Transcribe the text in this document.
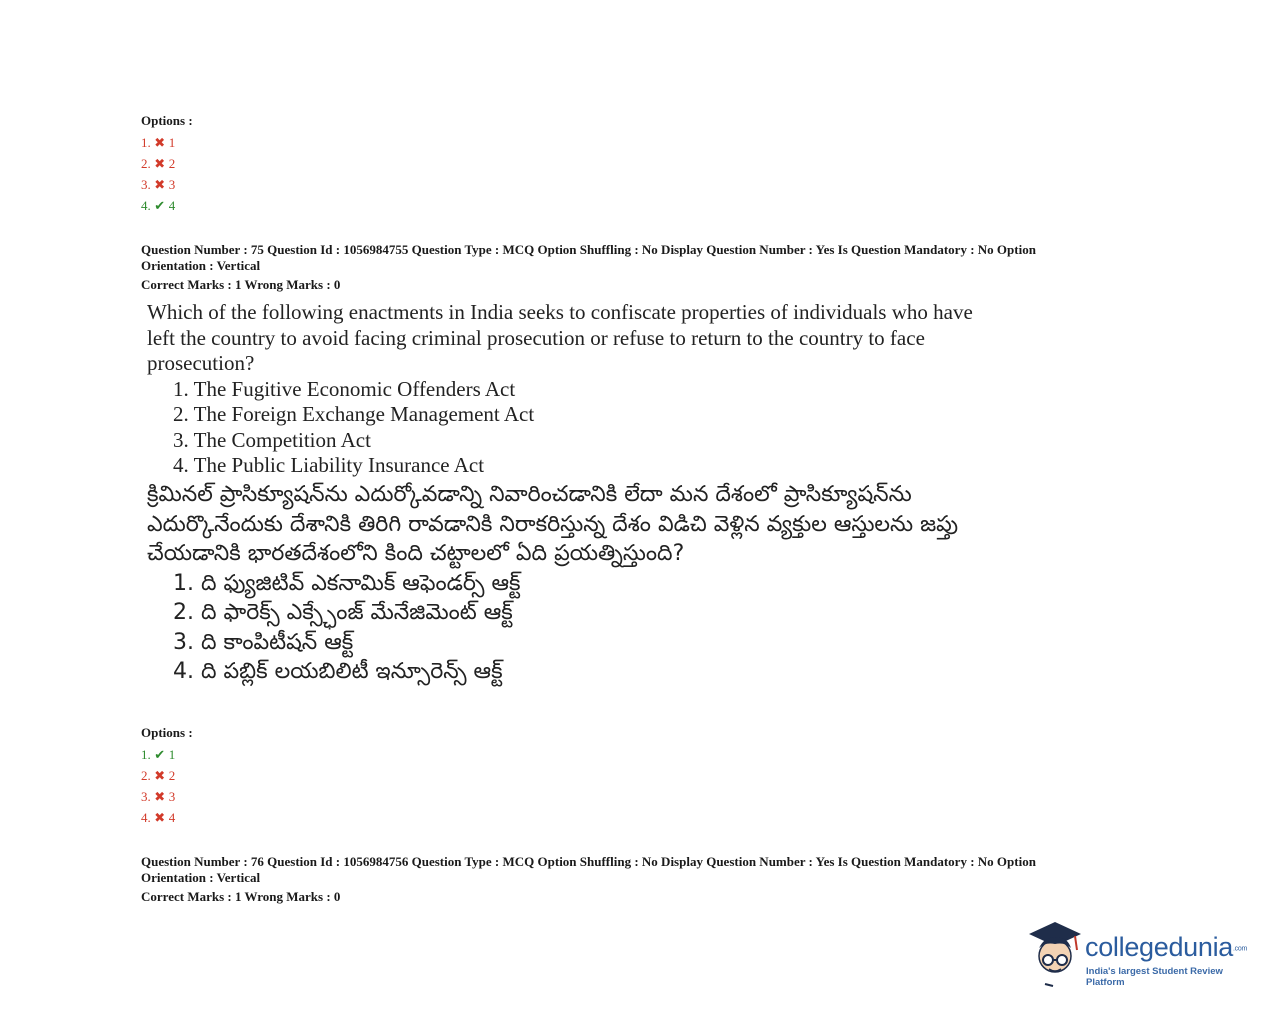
Options :
1. ✖ 1
2. ✖ 2
3. ✖ 3
4. ✔ 4
Question Number : 75 Question Id : 1056984755 Question Type : MCQ Option Shuffling : No Display Question Number : Yes Is Question Mandatory : No Option
Orientation : Vertical
Correct Marks : 1 Wrong Marks : 0
Which of the following enactments in India seeks to confiscate properties of individuals who have left the country to avoid facing criminal prosecution or refuse to return to the country to face prosecution?
1. The Fugitive Economic Offenders Act
2. The Foreign Exchange Management Act
3. The Competition Act
4. The Public Liability Insurance Act
క్రిమినల్ ప్రాసిక్యూషన్‌ను ఎదుర్కోవడాన్ని నివారించడానికి లేదా మన దేశంలో ప్రాసిక్యూషన్‌ను ఎదుర్కొనేందుకు దేశానికి తిరిగి రావడానికి నిరాకరిస్తున్న దేశం విడిచి వెళ్లిన వ్యక్తుల ఆస్తులను జప్తు చేయడానికి భారతదేశంలోని కింది చట్టాలలో ఏది ప్రయత్నిస్తుంది?
1. ది ఫ్యుజిటివ్ ఎకనామిక్ ఆఫెండర్స్ ఆక్ట్
2. ది ఫారెక్స్ ఎక్స్ఛేంజ్ మేనేజిమెంట్ ఆక్ట్
3. ది కాంపిటీషన్ ఆక్ట్
4. ది పబ్లిక్ లయబిలిటీ ఇన్సూరెన్స్ ఆక్ట్
Options :
1. ✔ 1
2. ✖ 2
3. ✖ 3
4. ✖ 4
Question Number : 76 Question Id : 1056984756 Question Type : MCQ Option Shuffling : No Display Question Number : Yes Is Question Mandatory : No Option
Orientation : Vertical
Correct Marks : 1 Wrong Marks : 0
collegedunia.com
India's largest Student Review Platform
